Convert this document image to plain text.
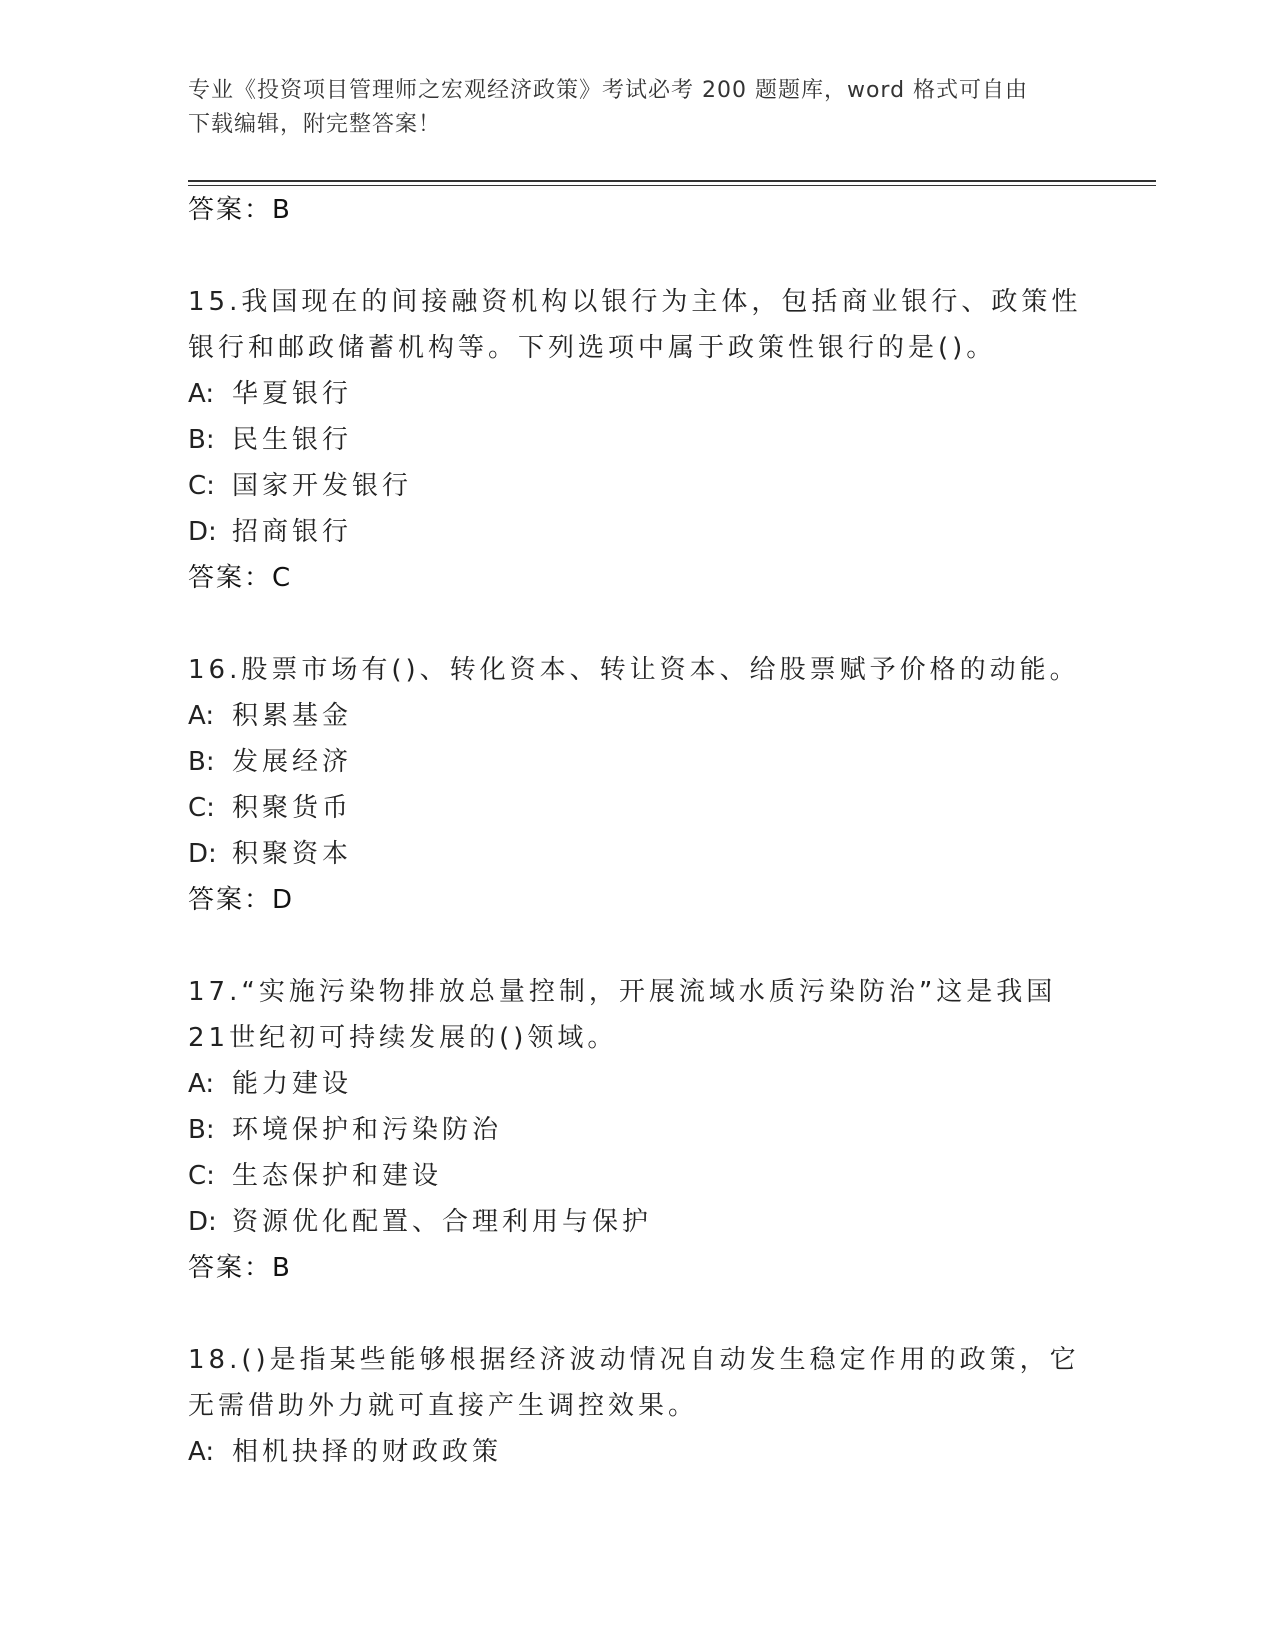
专业《投资项目管理师之宏观经济政策》考试必考 200 题题库，word 格式可自由
下载编辑，附完整答案！

答案：B

15.我国现在的间接融资机构以银行为主体，包括商业银行、政策性银行和邮政储蓄机构等。下列选项中属于政策性银行的是()。

A: 华夏银行

B: 民生银行

C: 国家开发银行

D: 招商银行

答案：C

16.股票市场有()、转化资本、转让资本、给股票赋予价格的动能。

A: 积累基金

B: 发展经济

C: 积聚货币

D: 积聚资本

答案：D

17.“实施污染物排放总量控制，开展流域水质污染防治”这是我国21世纪初可持续发展的()领域。

A: 能力建设

B: 环境保护和污染防治

C: 生态保护和建设

D: 资源优化配置、合理利用与保护

答案：B

18.()是指某些能够根据经济波动情况自动发生稳定作用的政策，它无需借助外力就可直接产生调控效果。

A: 相机抉择的财政政策
